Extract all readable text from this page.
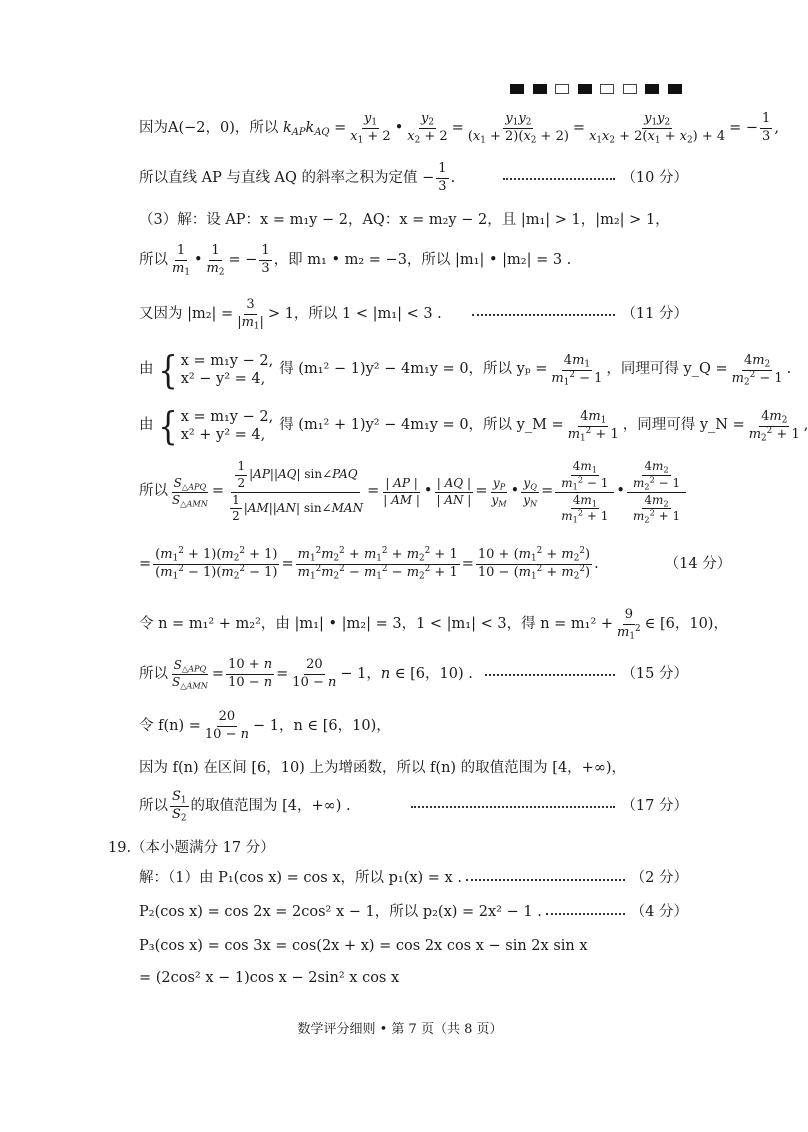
因为 A(−2，0) ，所以 $k_{AP}k_{AQ} = \frac{y_1}{x_1 + 2}$ • $\frac{y_2}{x_2 + 2} = \frac{y_1y_2}{(x_1 + 2)(x_2 + 2)} = \frac{y_1y_2}{x_1x_2 + 2(x_1 + x_2) + 4}$ = − $\frac{1}{3}$ ,
所以直线 AP 与直线 AQ 的斜率之积为定值 − $\frac{1}{3}$ .	（10 分）
（3）解：设 AP：x = m₁y − 2，AQ：x = m₂y − 2，且 |m₁| > 1，|m₂| > 1，
所以
1
$m_1$
• $\frac{1}{m_2}$ = − $\frac{1}{3}$ ，即 m₁ • m₂ = −3，所以 |m₁| • |m₂| = 3 .
又因为 $|m_2| = \frac{3}{|m_1|} > 1$，所以 1 < |m₁| < 3 .	（11 分）
由 { x = m₁y − 2,
x² − y² = 4,
得 (m₁² − 1)y² − 4m₁y = 0，所以 $y_p = \frac{4m_1}{m_1^2 - 1}$ ，同理可得 y_Q = $\frac{4m_2}{m_2^2 - 1}$ .
由 { x = m₁y − 2,
x² + y² = 4,
得 (m₁² + 1)y² − 4m₁y = 0，所以 y_M = $\frac{4m_1}{m_1^2 + 1}$ ，同理可得 y_N = $\frac{4m_2}{m_2^2 + 1}$ ,
所以
$S_{\triangle APQ}$
$S_{\triangle AMN}$
=
1
2
| AP || AQ | sin∠ PAQ
1
2
| AM || AN | sin∠ MAN
= $\frac{| AP |}{| AM |}$ • $\frac{| AQ |}{| AN |} = \frac{y_P}{y_M}$ • $\frac{y_Q}{y_N} = \frac{\frac{4m_1}{m_1^2 - 1}}{\frac{4m_1}{m_1^2 + 1}}$ •
$\frac{4m_2}{m_2^2 - 1}$
$\frac{4m_2}{m_2^2 + 1}$
= $\frac{(m_1^2 + 1)(m_2^2 + 1)}{(m_1^2 - 1)(m_2^2 - 1)} = \frac{m_1^2m_2^2 + m_1^2 + m_2^2 + 1}{m_1^2m_2^2 - m_1^2 - m_2^2 + 1} = \frac{10 + (m_1^2 + m_2^2)}{10 - (m_1^2 + m_2^2)}$ .	（14 分）
令 n = m₁² + m₂²，由 |m₁| • |m₂| = 3，1 < |m₁| < 3，得 $n = m_1^2 + \frac{9}{m_1^2}$ ∈ [6，10)，
所以
$S_{\triangle APQ}$
$S_{\triangle AMN}$
= $\frac{10 + n}{10 - n} = \frac{20}{10 - n} - 1$，n ∈ [6，10) .	（15 分）
令 $f(n) = \frac{20}{10 - n} - 1$，n ∈ [6，10)，
因为 f(n) 在区间 [6，10) 上为增函数，所以 f(n) 的取值范围为 [4，+∞)，
所以
$S_1$
$S_2$
的取值范围为 [4，+∞) .	（17 分）
19.（本小题满分 17 分）
解：（1）由 P₁(cos x) = cos x，所以 p₁(x) = x .	（2 分）
P₂(cos x) = cos 2x = 2cos² x − 1，所以 p₂(x) = 2x² − 1 .	（4 分）
P₃(cos x) = cos 3x = cos(2x + x) = cos 2x cos x − sin 2x sin x
= (2cos² x − 1)cos x − 2sin² x cos x
数学评分细则 • 第 7 页（共 8 页）
